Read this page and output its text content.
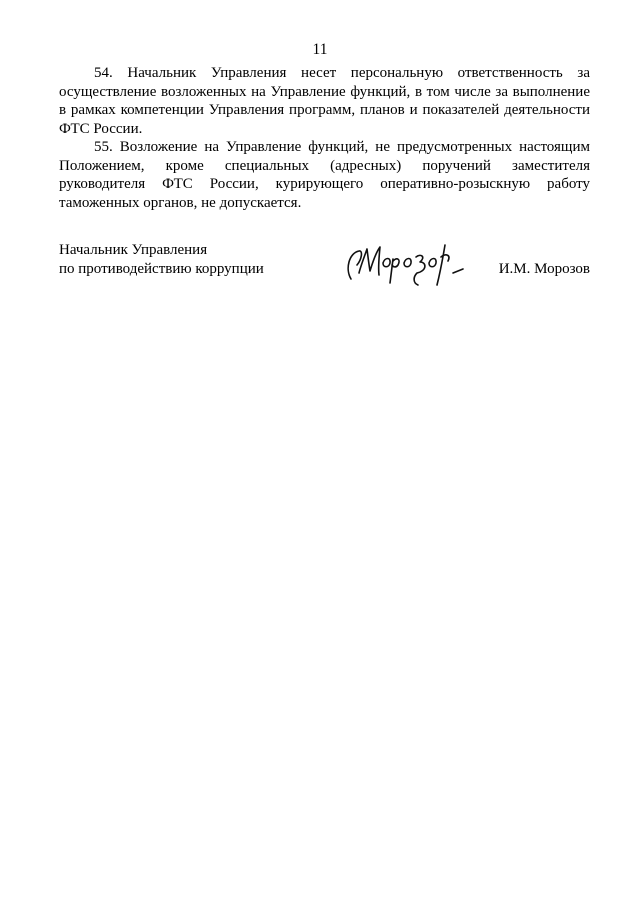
11

54. Начальник Управления несет персональную ответственность за осуществление возложенных на Управление функций, в том числе за выполнение в рамках компетенции Управления программ, планов и показателей деятельности ФТС России.

55. Возложение на Управление функций, не предусмотренных настоящим Положением, кроме специальных (адресных) поручений заместителя руководителя ФТС России, курирующего оперативно-розыскную работу таможенных органов, не допускается.

Начальник Управления
по противодействию коррупции	И.М. Морозов
